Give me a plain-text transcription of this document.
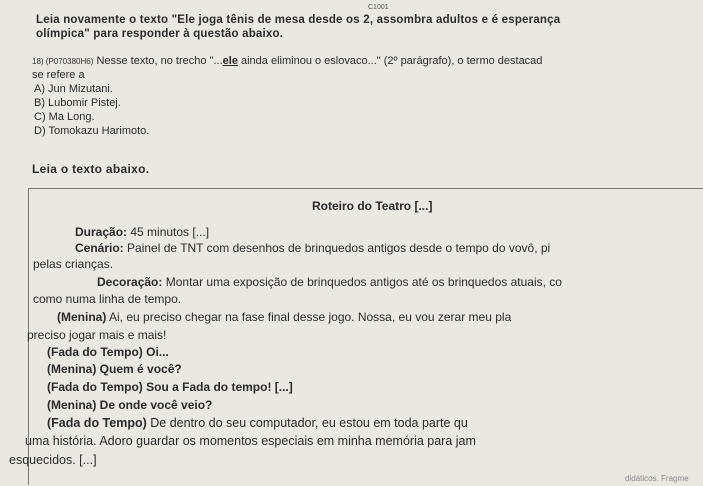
C1001
Leia novamente o texto "Ele joga tênis de mesa desde os 2, assombra adultos e é esperança
olímpica" para responder à questão abaixo.
18) (P070380H6) Nesse texto, no trecho "...ele ainda eliminou o eslovaco..." (2º parágrafo), o termo destacad
se refere a
A) Jun Mizutani.
B) Lubomir Pistej.
C) Ma Long.
D) Tomokazu Harimoto.
Leia o texto abaixo.
Duração: 45 minutos [...]
Cenário: Painel de TNT com desenhos de brinquedos antigos desde o tempo do vovô, pi
pelas crianças.
Decoração: Montar uma exposição de brinquedos antigos até os brinquedos atuais, co
como numa linha de tempo.
(Menina) Ai, eu preciso chegar na fase final desse jogo. Nossa, eu vou zerar meu pla
preciso jogar mais e mais!
(Fada do Tempo) Oi...
(Menina) Quem é você?
(Fada do Tempo) Sou a Fada do tempo! [...]
(Menina) De onde você veio?
(Fada do Tempo) De dentro do seu computador, eu estou em toda parte qu
uma história. Adoro guardar os momentos especiais em minha memória para jam
esquecidos. [...]
Roteiro do Teatro [...]
didáticos. Fragme
